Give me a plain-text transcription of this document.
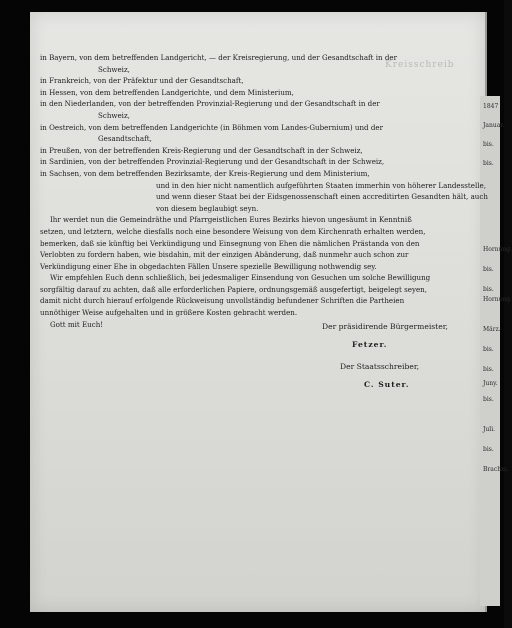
Kreisschreib
1847
Januar.
bis.
bis.
Hornung.
bis.
bis.
Hornung.
März.
bis.
bis.
Juny.
bis.
Juli.
bis.
Brachm.
in Bayern, von dem betreffenden Landgericht, — der Kreisregierung, und der Gesandtschaft in der
Schweiz,
in Frankreich, von der Präfektur und der Gesandtschaft,
in Hessen, von dem betreffenden Landgerichte, und dem Ministerium,
in den Niederlanden, von der betreffenden Provinzial-Regierung und der Gesandtschaft in der
Schweiz,
in Oestreich, von dem betreffenden Landgerichte (in Böhmen vom Landes-Gubernium) und der
Gesandtschaft,
in Preußen, von der betreffenden Kreis-Regierung und der Gesandtschaft in der Schweiz,
in Sardinien, von der betreffenden Provinzial-Regierung und der Gesandtschaft in der Schweiz,
in Sachsen, von dem betreffenden Bezirksamte, der Kreis-Regierung und dem Ministerium,
und in den hier nicht namentlich aufgeführten Staaten immerhin von höherer Landesstelle,
und wenn dieser Staat bei der Eidsgenossenschaft einen accreditirten Gesandten hält, auch
von diesem beglaubigt seyn.
Ihr werdet nun die Gemeindräthe und Pfarrgeistlichen Eures Bezirks hievon ungesäumt in Kenntniß
setzen, und letztern, welche diesfalls noch eine besondere Weisung von dem Kirchenrath erhalten werden,
bemerken, daß sie künftig bei Verkündigung und Einsegnung von Ehen die nämlichen Prästanda von den
Verlobten zu fordern haben, wie bisdahin, mit der einzigen Abänderung, daß nunmehr auch schon zur
Verkündigung einer Ehe in obgedachten Fällen Unsere spezielle Bewilligung nothwendig sey.
Wir empfehlen Euch denn schließlich, bei jedesmaliger Einsendung von Gesuchen um solche Bewilligung
sorgfältig darauf zu achten, daß alle erforderlichen Papiere, ordnungsgemäß ausgefertigt, beigelegt seyen,
damit nicht durch hierauf erfolgende Rückweisung unvollständig befundener Schriften die Partheien
unnöthiger Weise aufgehalten und in größere Kosten gebracht werden.
Gott mit Euch!	Der präsidirende Bürgermeister,
Fetzer.
Der Staatsschreiber,
C. Suter.
